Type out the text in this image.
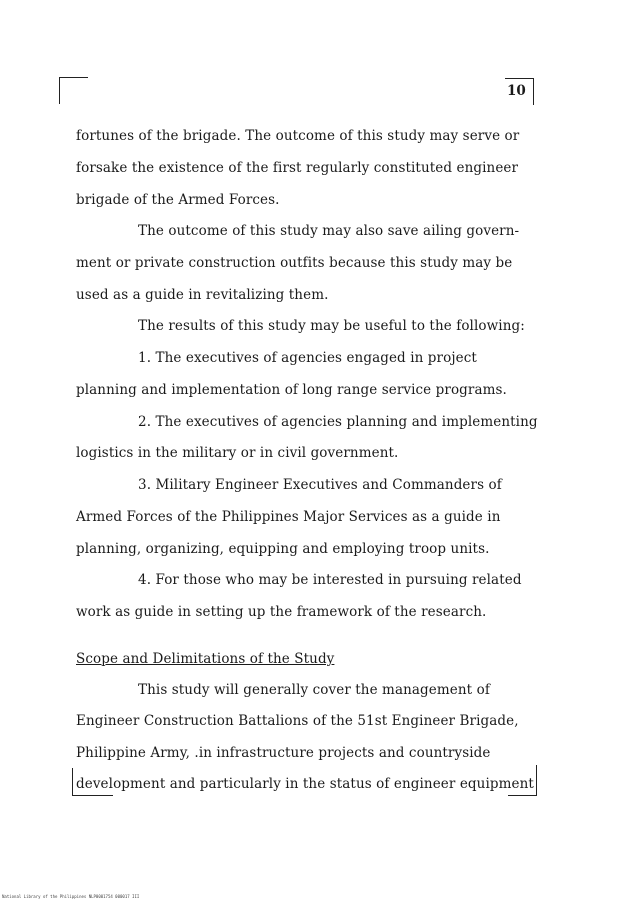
10
fortunes of the brigade. The outcome of this study may serve or
forsake the existence of the first regularly constituted engineer
brigade of the Armed Forces.
The outcome of this study may also save ailing govern-
ment or private construction outfits because this study may be
used as a guide in revitalizing them.
The results of this study may be useful to the following:
1. The executives of agencies engaged in project
planning and implementation of long range service programs.
2. The executives of agencies planning and implementing
logistics in the military or in civil government.
3. Military Engineer Executives and Commanders of
Armed Forces of the Philippines Major Services as a guide in
planning, organizing, equipping and employing troop units.
4. For those who may be interested in pursuing related
work as guide in setting up the framework of the research.
Scope and Delimitations of the Study
This study will generally cover the management of
Engineer Construction Battalions of the 51st Engineer Brigade,
Philippine Army, .in infrastructure projects and countryside
development and particularly in the status of engineer equipment
National Library of the Philippines NLP0001754 000017 III
